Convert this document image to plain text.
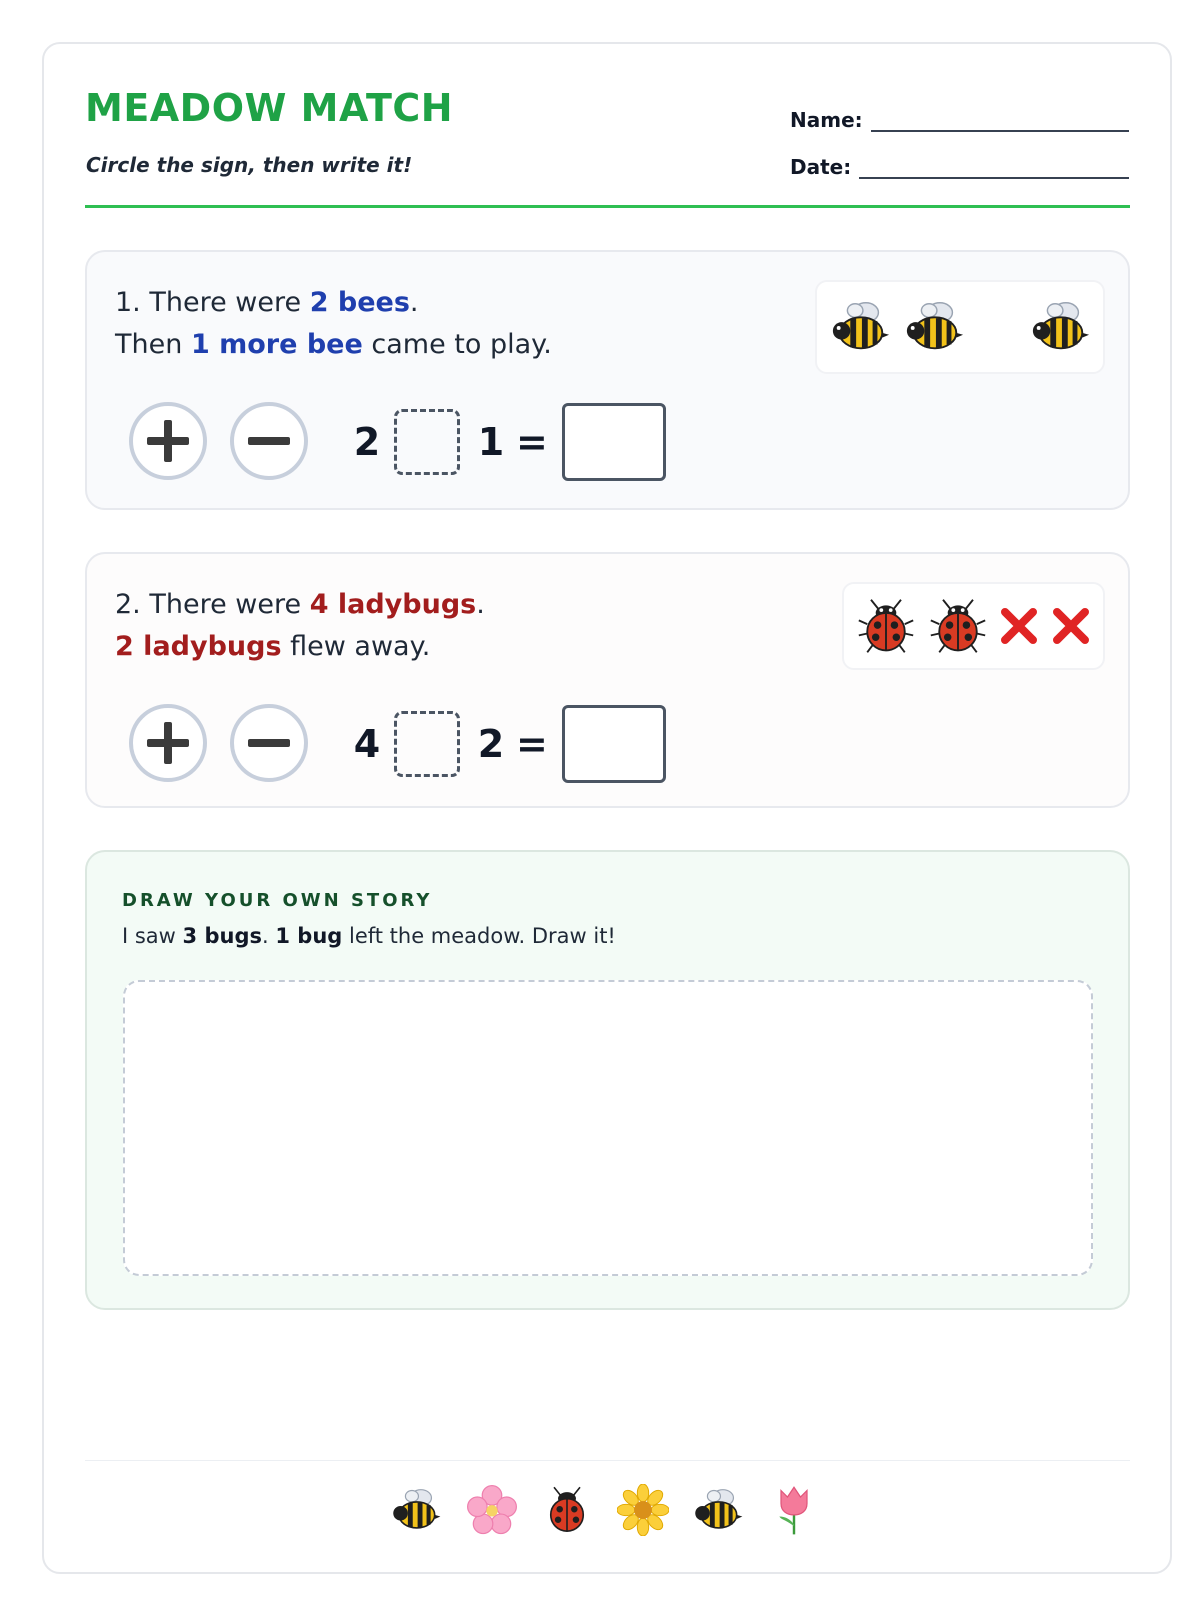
MEADOW MATCH
Circle the sign, then write it!
Name:
Date:
1. There were 2 bees.
Then 1 more bee came to play.
2	1 =
2. There were 4 ladybugs.
2 ladybugs flew away.
4	2 =
DRAW YOUR OWN STORY
I saw 3 bugs. 1 bug left the meadow. Draw it!
